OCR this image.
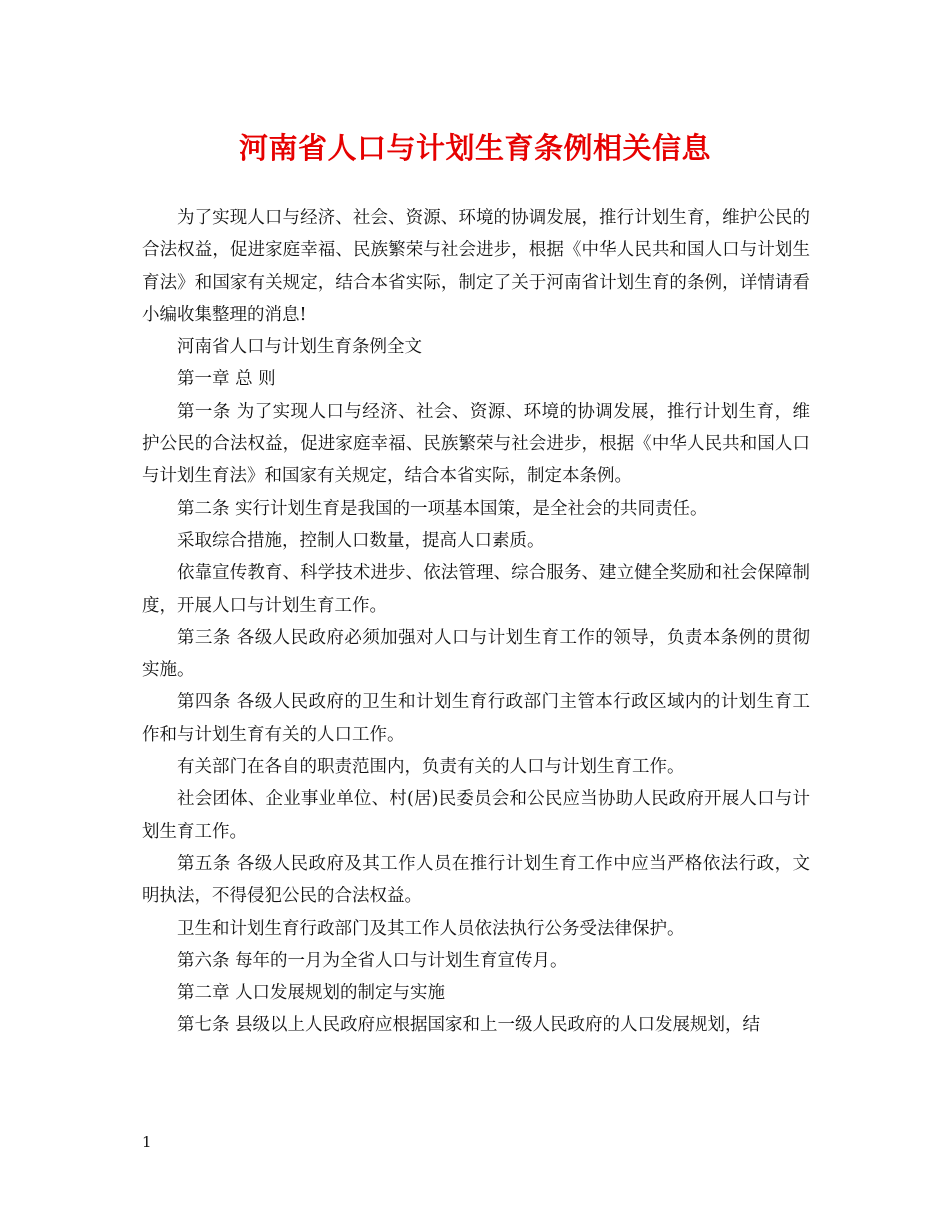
河南省人口与计划生育条例相关信息

为了实现人口与经济、社会、资源、环境的协调发展，推行计划生育，维护公民的合法权益，促进家庭幸福、民族繁荣与社会进步，根据《中华人民共和国人口与计划生育法》和国家有关规定，结合本省实际，制定了关于河南省计划生育的条例，详情请看小编收集整理的消息!

河南省人口与计划生育条例全文

第一章 总 则

第一条 为了实现人口与经济、社会、资源、环境的协调发展，推行计划生育，维护公民的合法权益，促进家庭幸福、民族繁荣与社会进步，根据《中华人民共和国人口与计划生育法》和国家有关规定，结合本省实际，制定本条例。

第二条 实行计划生育是我国的一项基本国策，是全社会的共同责任。

采取综合措施，控制人口数量，提高人口素质。

依靠宣传教育、科学技术进步、依法管理、综合服务、建立健全奖励和社会保障制度，开展人口与计划生育工作。

第三条 各级人民政府必须加强对人口与计划生育工作的领导，负责本条例的贯彻实施。

第四条 各级人民政府的卫生和计划生育行政部门主管本行政区域内的计划生育工作和与计划生育有关的人口工作。

有关部门在各自的职责范围内，负责有关的人口与计划生育工作。

社会团体、企业事业单位、村(居)民委员会和公民应当协助人民政府开展人口与计划生育工作。

第五条 各级人民政府及其工作人员在推行计划生育工作中应当严格依法行政，文明执法，不得侵犯公民的合法权益。

卫生和计划生育行政部门及其工作人员依法执行公务受法律保护。

第六条 每年的一月为全省人口与计划生育宣传月。

第二章 人口发展规划的制定与实施

第七条 县级以上人民政府应根据国家和上一级人民政府的人口发展规划，结

1
